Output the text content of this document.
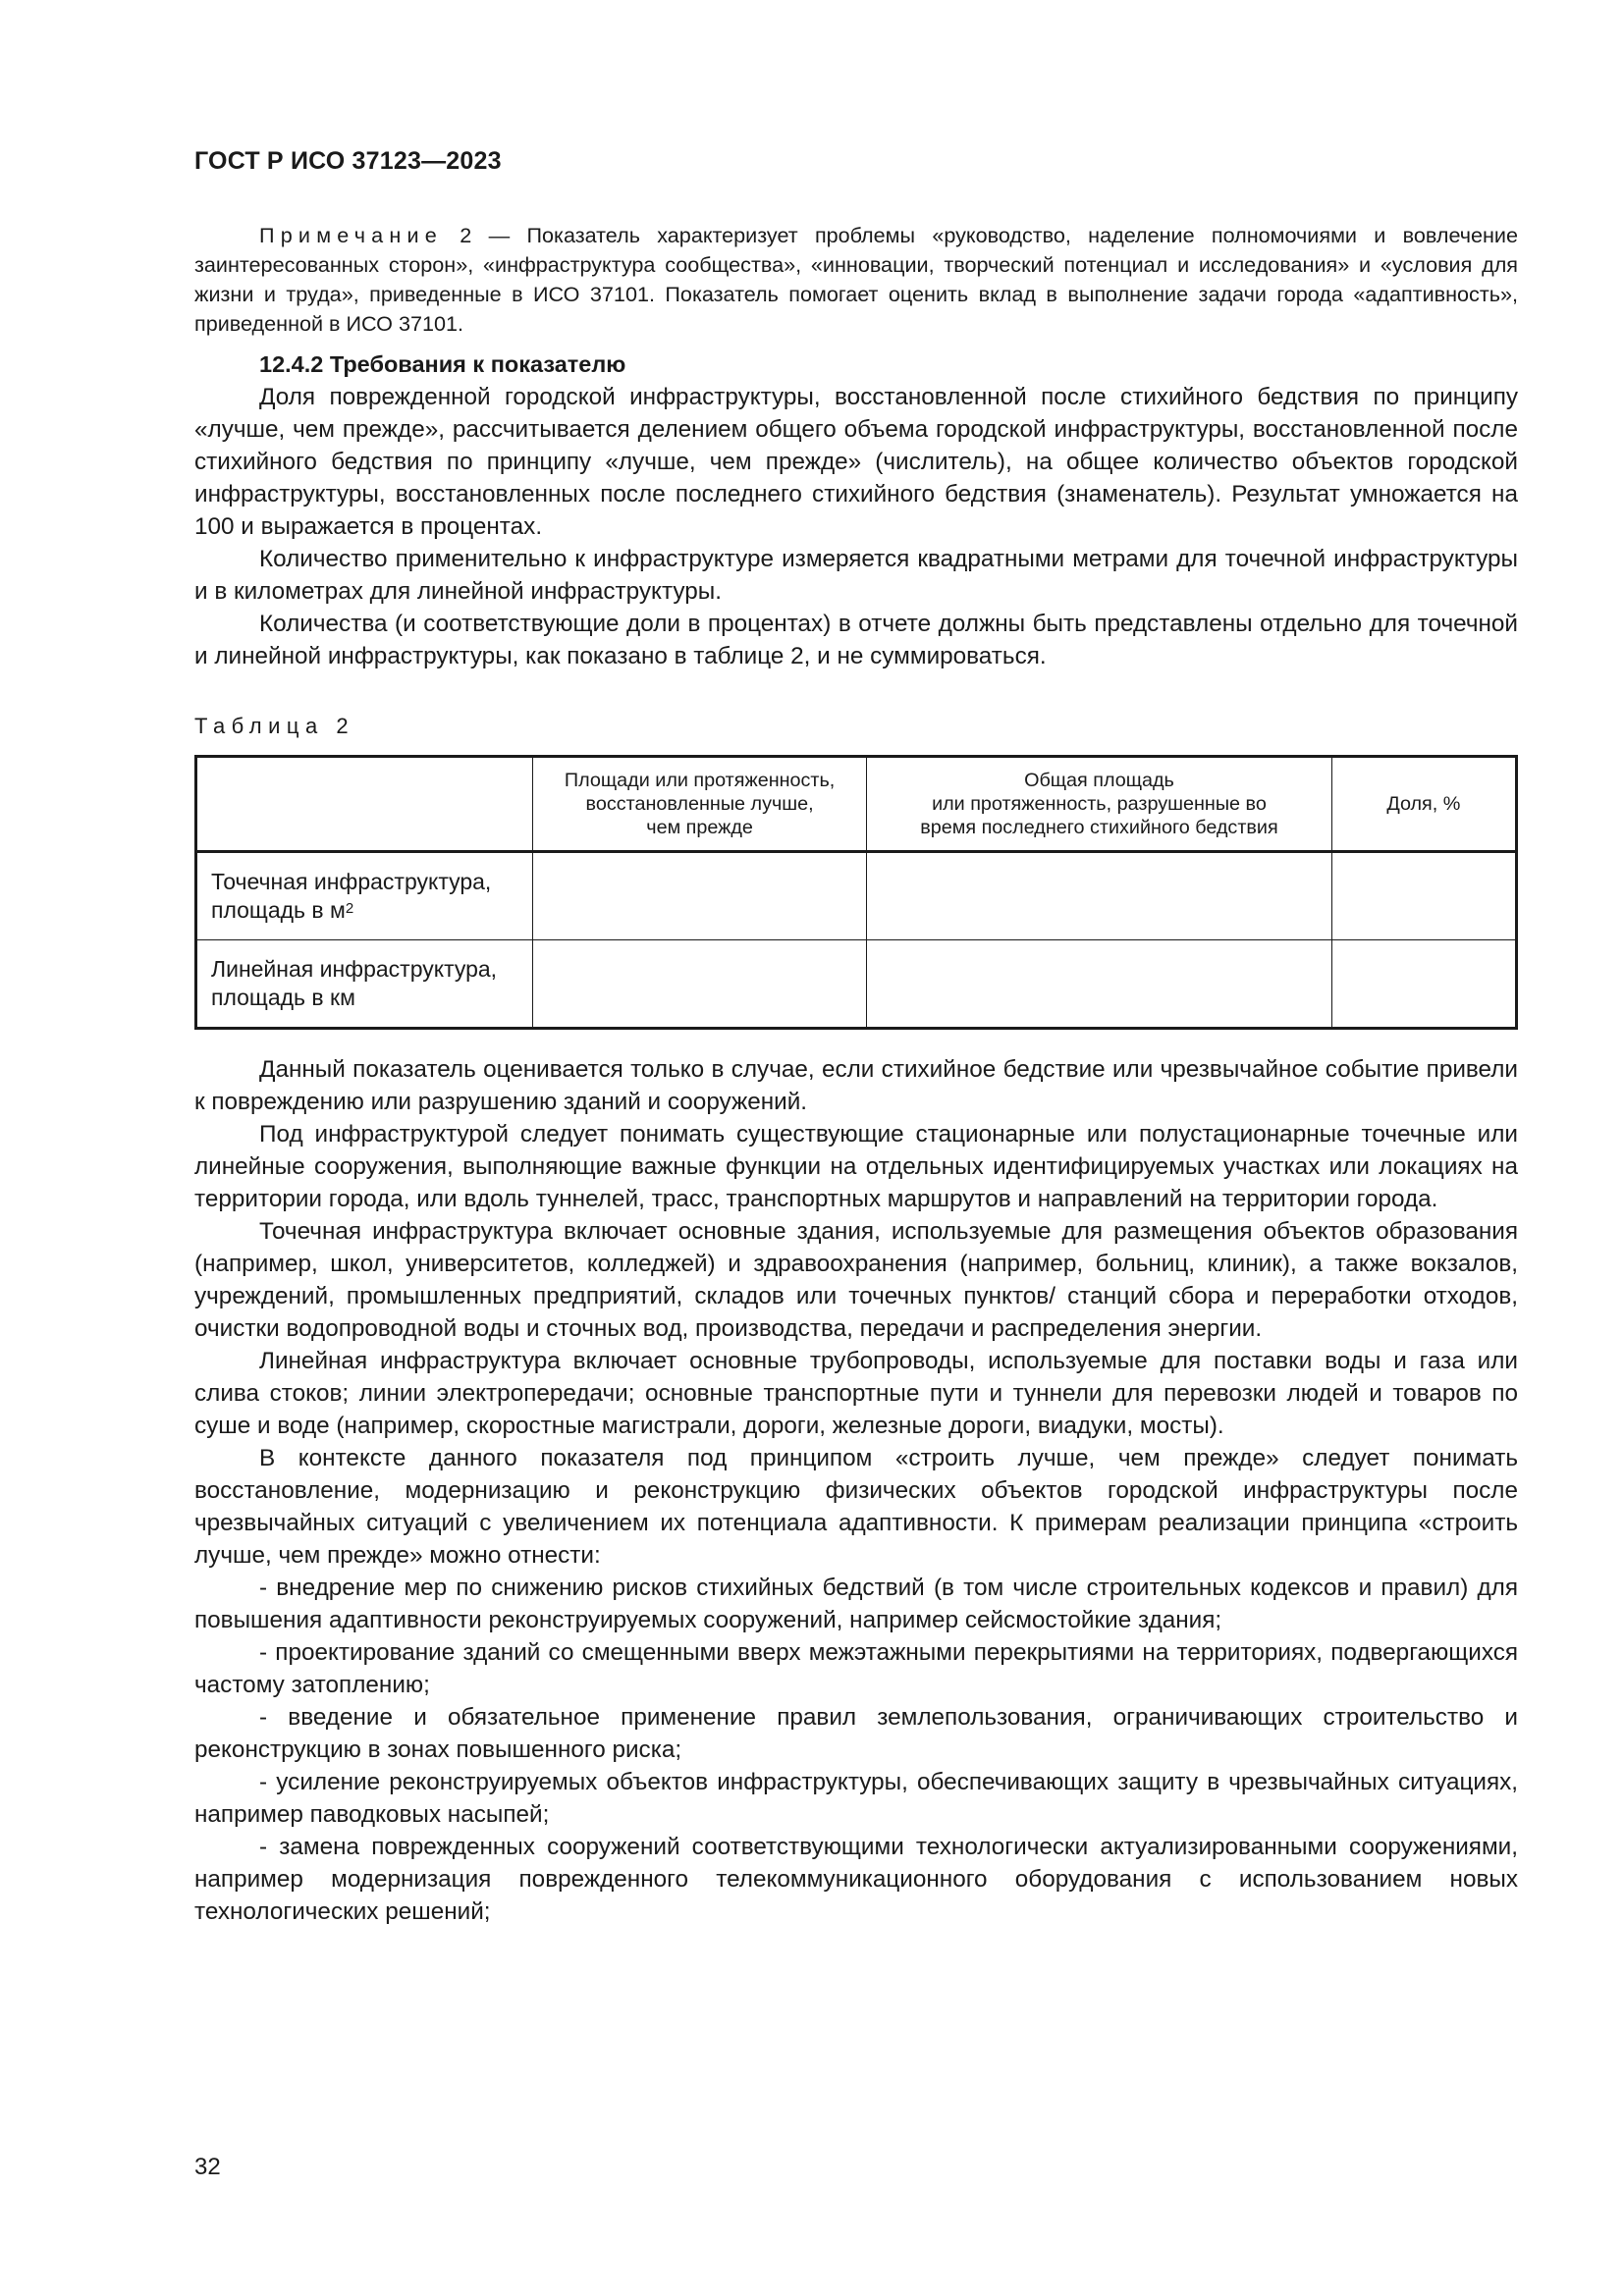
ГОСТ Р ИСО 37123—2023

Примечание 2 — Показатель характеризует проблемы «руководство, наделение полномочиями и вовлечение заинтересованных сторон», «инфраструктура сообщества», «инновации, творческий потенциал и исследования» и «условия для жизни и труда», приведенные в ИСО 37101. Показатель помогает оценить вклад в выполнение задачи города «адаптивность», приведенной в ИСО 37101.

12.4.2 Требования к показателю

Доля поврежденной городской инфраструктуры, восстановленной после стихийного бедствия по принципу «лучше, чем прежде», рассчитывается делением общего объема городской инфраструктуры, восстановленной после стихийного бедствия по принципу «лучше, чем прежде» (числитель), на общее количество объектов городской инфраструктуры, восстановленных после последнего стихийного бедствия (знаменатель). Результат умножается на 100 и выражается в процентах.

Количество применительно к инфраструктуре измеряется квадратными метрами для точечной инфраструктуры и в километрах для линейной инфраструктуры.

Количества (и соответствующие доли в процентах) в отчете должны быть представлены отдельно для точечной и линейной инфраструктуры, как показано в таблице 2, и не суммироваться.

Таблица 2
	Площади или протяженность,
восстановленные лучше,
чем прежде	Общая площадь
или протяженность, разрушенные во
время последнего стихийного бедствия	Доля, %
Точечная инфраструктура, площадь в $м^2$			
Линейная инфраструктура, площадь в км			

Данный показатель оценивается только в случае, если стихийное бедствие или чрезвычайное событие привели к повреждению или разрушению зданий и сооружений.

Под инфраструктурой следует понимать существующие стационарные или полустационарные точечные или линейные сооружения, выполняющие важные функции на отдельных идентифицируемых участках или локациях на территории города, или вдоль туннелей, трасс, транспортных маршрутов и направлений на территории города.

Точечная инфраструктура включает основные здания, используемые для размещения объектов образования (например, школ, университетов, колледжей) и здравоохранения (например, больниц, клиник), а также вокзалов, учреждений, промышленных предприятий, складов или точечных пунктов/ станций сбора и переработки отходов, очистки водопроводной воды и сточных вод, производства, передачи и распределения энергии.

Линейная инфраструктура включает основные трубопроводы, используемые для поставки воды и газа или слива стоков; линии электропередачи; основные транспортные пути и туннели для перевозки людей и товаров по суше и воде (например, скоростные магистрали, дороги, железные дороги, виадуки, мосты).

В контексте данного показателя под принципом «строить лучше, чем прежде» следует понимать восстановление, модернизацию и реконструкцию физических объектов городской инфраструктуры после чрезвычайных ситуаций с увеличением их потенциала адаптивности. К примерам реализации принципа «строить лучше, чем прежде» можно отнести:

- внедрение мер по снижению рисков стихийных бедствий (в том числе строительных кодексов и правил) для повышения адаптивности реконструируемых сооружений, например сейсмостойкие здания;

- проектирование зданий со смещенными вверх межэтажными перекрытиями на территориях, подвергающихся частому затоплению;

- введение и обязательное применение правил землепользования, ограничивающих строительство и реконструкцию в зонах повышенного риска;

- усиление реконструируемых объектов инфраструктуры, обеспечивающих защиту в чрезвычайных ситуациях, например паводковых насыпей;

- замена поврежденных сооружений соответствующими технологически актуализированными сооружениями, например модернизация поврежденного телекоммуникационного оборудования с использованием новых технологических решений;

32
